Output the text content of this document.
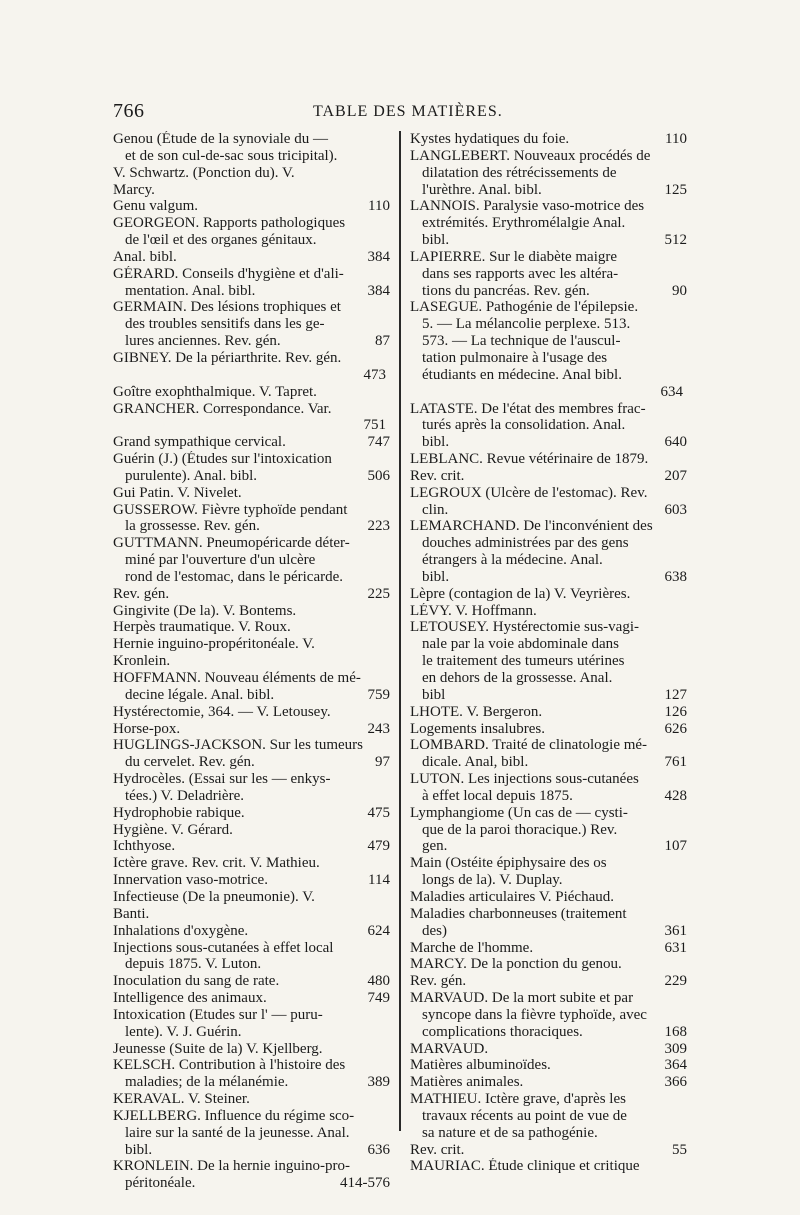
766	TABLE DES MATIÈRES.
Genou (Étude de la synoviale du —
et de son cul-de-sac sous tricipital).
V. Schwartz. (Ponction du). V.
Marcy.
Genu valgum.	110
GEORGEON. Rapports pathologiques
de l'œil et des organes génitaux.
Anal. bibl.	384
GÉRARD. Conseils d'hygiène et d'ali-
mentation. Anal. bibl.	384
GERMAIN. Des lésions trophiques et
des troubles sensitifs dans les ge-
lures anciennes. Rev. gén.	87
GIBNEY. De la périarthrite. Rev. gén.
473
Goître exophthalmique. V. Tapret.
GRANCHER. Correspondance. Var.
751
Grand sympathique cervical.	747
Guérin (J.) (Études sur l'intoxication
purulente). Anal. bibl.	506
Gui Patin. V. Nivelet.
GUSSEROW. Fièvre typhoïde pendant
la grossesse. Rev. gén.	223
GUTTMANN. Pneumopéricarde déter-
miné par l'ouverture d'un ulcère
rond de l'estomac, dans le péricarde.
Rev. gén.	225
Gingivite (De la). V. Bontems.
Herpès traumatique. V. Roux.
Hernie inguino-propéritonéale. V.
Kronlein.
HOFFMANN. Nouveau éléments de mé-
decine légale. Anal. bibl.	759
Hystérectomie, 364. — V. Letousey.
Horse-pox.	243
HUGLINGS-JACKSON. Sur les tumeurs
du cervelet. Rev. gén.	97
Hydrocèles. (Essai sur les — enkys-
tées.) V. Deladrière.
Hydrophobie rabique.	475
Hygiène. V. Gérard.
Ichthyose.	479
Ictère grave. Rev. crit. V. Mathieu.
Innervation vaso-motrice.	114
Infectieuse (De la pneumonie). V.
Banti.
Inhalations d'oxygène.	624
Injections sous-cutanées à effet local
depuis 1875. V. Luton.
Inoculation du sang de rate.	480
Intelligence des animaux.	749
Intoxication (Etudes sur l' — puru-
lente). V. J. Guérin.
Jeunesse (Suite de la) V. Kjellberg.
KELSCH. Contribution à l'histoire des
maladies; de la mélanémie.	389
KERAVAL. V. Steiner.
KJELLBERG. Influence du régime sco-
laire sur la santé de la jeunesse. Anal.
bibl.	636
KRONLEIN. De la hernie inguino-pro-
péritonéale.	414-576
Kystes hydatiques du foie.	110
LANGLEBERT. Nouveaux procédés de
dilatation des rétrécissements de
l'urèthre. Anal. bibl.	125
LANNOIS. Paralysie vaso-motrice des
extrémités. Erythromélalgie Anal.
bibl.	512
LAPIERRE. Sur le diabète maigre
dans ses rapports avec les altéra-
tions du pancréas. Rev. gén.	90
LASEGUE. Pathogénie de l'épilepsie.
5. — La mélancolie perplexe. 513.
573. — La technique de l'auscul-
tation pulmonaire à l'usage des
étudiants en médecine. Anal bibl.
634
LATASTE. De l'état des membres frac-
turés après la consolidation. Anal.
bibl.	640
LEBLANC. Revue vétérinaire de 1879.
Rev. crit.	207
LEGROUX (Ulcère de l'estomac). Rev.
clin.	603
LEMARCHAND. De l'inconvénient des
douches administrées par des gens
étrangers à la médecine. Anal.
bibl.	638
Lèpre (contagion de la) V. Veyrières.
LÉVY. V. Hoffmann.
LETOUSEY. Hystérectomie sus-vagi-
nale par la voie abdominale dans
le traitement des tumeurs utérines
en dehors de la grossesse. Anal.
bibl	127
LHOTE. V. Bergeron.	126
Logements insalubres.	626
LOMBARD. Traité de clinatologie mé-
dicale. Anal, bibl.	761
LUTON. Les injections sous-cutanées
à effet local depuis 1875.	428
Lymphangiome (Un cas de — cysti-
que de la paroi thoracique.) Rev.
gen.	107
Main (Ostéite épiphysaire des os
longs de la). V. Duplay.
Maladies articulaires V. Piéchaud.
Maladies charbonneuses (traitement
des)	361
Marche de l'homme.	631
MARCY. De la ponction du genou.
Rev. gén.	229
MARVAUD. De la mort subite et par
syncope dans la fièvre typhoïde, avec
complications thoraciques.	168
MARVAUD.	309
Matières albuminoïdes.	364
Matières animales.	366
MATHIEU. Ictère grave, d'après les
travaux récents au point de vue de
sa nature et de sa pathogénie.
Rev. crit.	55
MAURIAC. Étude clinique et critique
